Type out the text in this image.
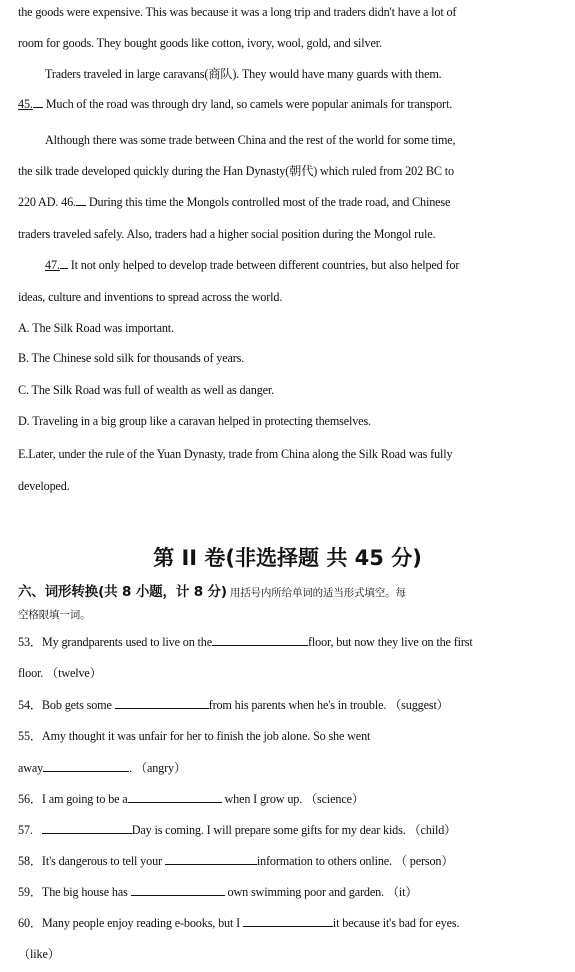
the goods were expensive. This was because it was a long trip and traders didn't have a lot of
room for goods. They bought goods like cotton, ivory, wool, gold, and silver.
Traders traveled in large caravans(商队). They would have many guards with them.
45. Much of the road was through dry land, so camels were popular animals for transport.
Although there was some trade between China and the rest of the world for some time,
the silk trade developed quickly during the Han Dynasty(朝代) which ruled from 202 BC to
220 AD. 46. During this time the Mongols controlled most of the trade road, and Chinese
traders traveled safely. Also, traders had a higher social position during the Mongol rule.
47. It not only helped to develop trade between different countries, but also helped for
ideas, culture and inventions to spread across the world.
A. The Silk Road was important.
B. The Chinese sold silk for thousands of years.
C. The Silk Road was full of wealth as well as danger.
D. Traveling in a big group like a caravan helped in protecting themselves.
E.Later, under the rule of the Yuan Dynasty, trade from China along the Silk Road was fully
developed.
第 II 卷(非选择题 共 45 分)
六、词形转换(共 8 小题，计 8 分) 用括号内所给单词的适当形式填空。每
空格限填一词。
53．My grandparents used to live on the	floor, but now they live on the first
floor. （twelve）
54．Bob gets some	from his parents when he's in trouble. （suggest）
55．Amy thought it was unfair for her to finish the job alone. So she went
away	. （angry）
56．I am going to be a	when I grow up. （science）
57.	Day is coming. I will prepare some gifts for my dear kids. （child）
58．It's dangerous to tell your	information to others online. （ person）
59．The big house has	own swimming poor and garden. （it）
60．Many people enjoy reading e-books, but I	it because it's bad for eyes.
（like）
